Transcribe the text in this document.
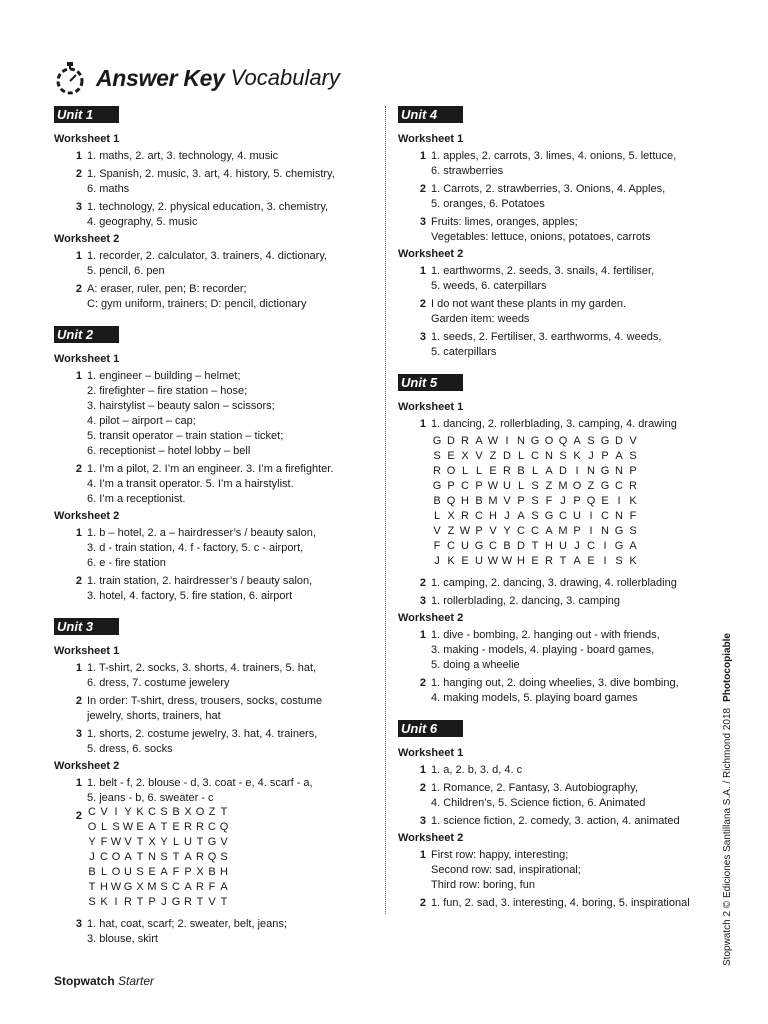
Answer Key Vocabulary
Unit 1
Worksheet 1
1 1. maths, 2. art, 3. technology, 4. music
2 1. Spanish, 2. music, 3. art, 4. history, 5. chemistry,
6. maths
3 1. technology, 2. physical education, 3. chemistry,
4. geography, 5. music
Worksheet 2
1 1. recorder, 2. calculator, 3. trainers, 4. dictionary,
5. pencil, 6. pen
2 A: eraser, ruler, pen; B: recorder;
C: gym uniform, trainers; D: pencil, dictionary
Unit 2
Worksheet 1
1 1. engineer – building – helmet;
2. firefighter – fire station – hose;
3. hairstylist – beauty salon – scissors;
4. pilot – airport – cap;
5. transit operator – train station – ticket;
6. receptionist – hotel lobby – bell
2 1. I’m a pilot, 2. I’m an engineer. 3. I’m a firefighter.
4. I’m a transit operator. 5. I’m a hairstylist.
6. I’m a receptionist.
Worksheet 2
1 1. b – hotel, 2. a – hairdresser’s / beauty salon,
3. d - train station, 4. f - factory, 5. c - airport,
6. e - fire station
2 1. train station, 2. hairdresser’s / beauty salon,
3. hotel, 4. factory, 5. fire station, 6. airport
Unit 3
Worksheet 1
1 1. T-shirt, 2. socks, 3. shorts, 4. trainers, 5. hat,
6. dress, 7. costume jewelery
2 In order: T-shirt, dress, trousers, socks, costume
jewelry, shorts, trainers, hat
3 1. shorts, 2. costume jewelry, 3. hat, 4. trainers,
5. dress, 6. socks
Worksheet 2
1 1. belt - f, 2. blouse - d, 3. coat - e, 4. scarf - a,
5. jeans - b, 6. sweater - c
2 C V I Y K C S B X O Z T
O L S W E A T E R R C Q
Y F W V T X Y L U T G V
J C O A T N S T A R Q S
B L O U S E A F P X B H
T H W G X M S C A R F A
S K I R T P J G R T V T
3 1. hat, coat, scarf; 2. sweater, belt, jeans;
3. blouse, skirt
Unit 4
Worksheet 1
1 1. apples, 2. carrots, 3. limes, 4. onions, 5. lettuce,
6. strawberries
2 1. Carrots, 2. strawberries, 3. Onions, 4. Apples,
5. oranges, 6. Potatoes
3 Fruits: limes, oranges, apples;
Vegetables: lettuce, onions, potatoes, carrots
Worksheet 2
1 1. earthworms, 2. seeds, 3. snails, 4. fertiliser,
5. weeds, 6. caterpillars
2 I do not want these plants in my garden.
Garden item: weeds
3 1. seeds, 2. Fertiliser, 3. earthworms, 4. weeds,
5. caterpillars
Unit 5
Worksheet 1
1 1. dancing, 2. rollerblading, 3. camping, 4. drawing
G D R A W I N G O Q A S G D V
S E X V Z D L C N S K J P A S
R O L L E R B L A D I N G N P
G P C P W U L S Z M O Z G C R
B Q H B M V P S F J P Q E I K
L X R C H J A S G C U I C N F
V Z W P V Y C C A M P I N G S
F C U G C B D T H U J C I G A
J K E U W W H E R T A E I S K
2 1. camping, 2. dancing, 3. drawing, 4. rollerblading
3 1. rollerblading, 2. dancing, 3. camping
Worksheet 2
1 1. dive - bombing, 2. hanging out - with friends,
3. making - models, 4. playing - board games,
5. doing a wheelie
2 1. hanging out, 2. doing wheelies, 3. dive bombing,
4. making models, 5. playing board games
Unit 6
Worksheet 1
1 1. a, 2. b, 3. d, 4. c
2 1. Romance, 2. Fantasy, 3. Autobiography,
4. Children’s, 5. Science fiction, 6. Animated
3 1. science fiction, 2. comedy, 3. action, 4. animated
Worksheet 2
1 First row: happy, interesting;
Second row: sad, inspirational;
Third row: boring, fun
2 1. fun, 2. sad, 3. interesting, 4. boring, 5. inspirational	Stopwatch 2 © Ediciones Santillana S.A. / Richmond 2018Photocopiable
Stopwatch Starter
